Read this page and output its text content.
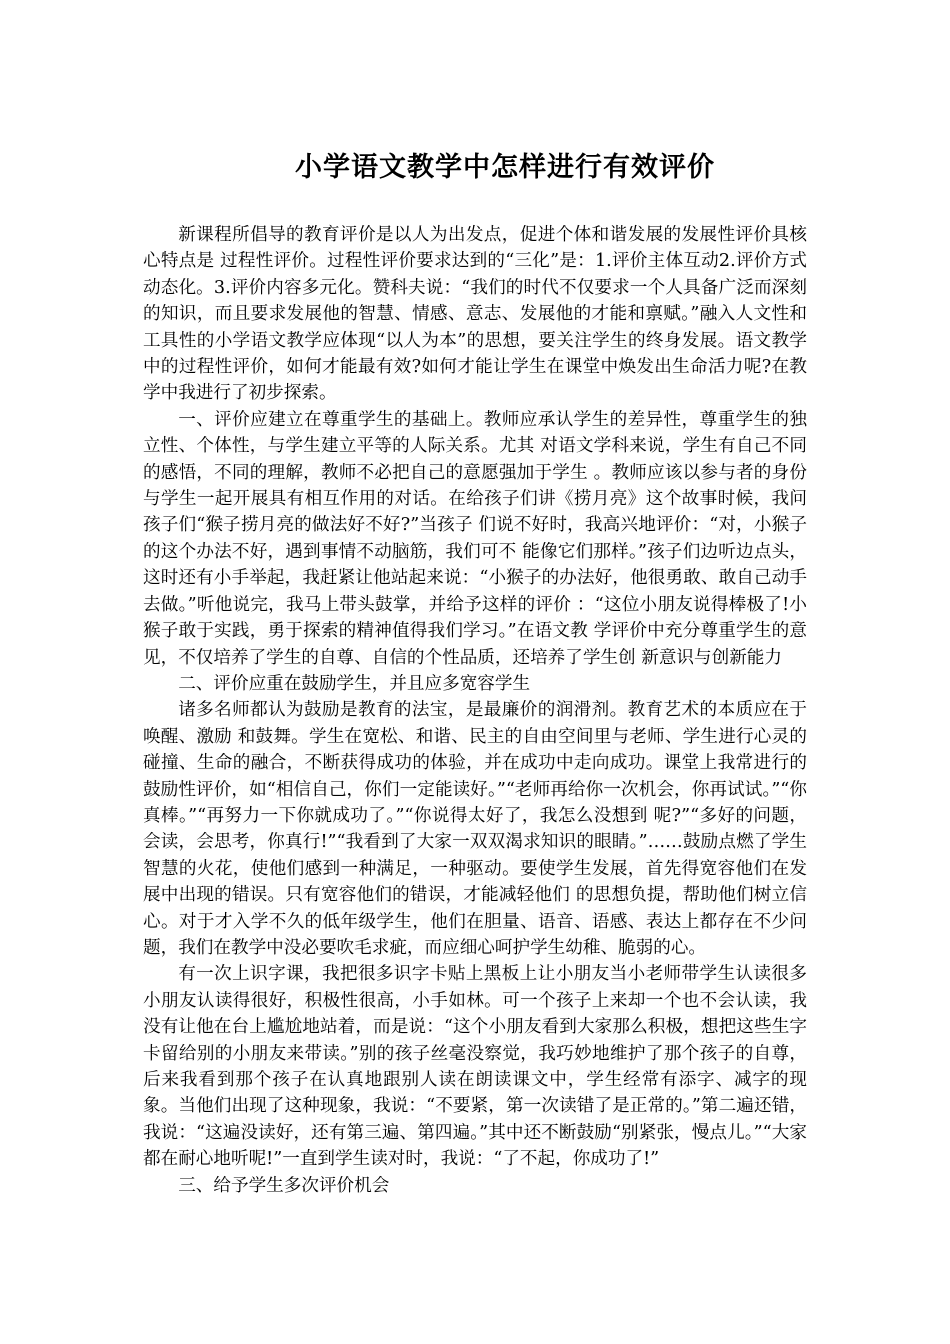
小学语文教学中怎样进行有效评价

新课程所倡导的教育评价是以人为出发点，促进个体和谐发展的发展性评价具核心特点是 过程性评价。过程性评价要求达到的“三化”是：1.评价主体互动2.评价方式动态化。3.评价内容多元化。赞科夫说：“我们的时代不仅要求一个人具备广泛而深刻的知识，而且要求发展他的智慧、情感、意志、发展他的才能和禀赋。”融入人文性和工具性的小学语文教学应体现“以人为本”的思想，要关注学生的终身发展。语文教学中的过程性评价，如何才能最有效?如何才能让学生在课堂中焕发出生命活力呢?在教学中我进行了初步探索。

一、评价应建立在尊重学生的基础上。教师应承认学生的差异性，尊重学生的独立性、个体性，与学生建立平等的人际关系。尤其 对语文学科来说，学生有自己不同的感悟，不同的理解，教师不必把自己的意愿强加于学生 。教师应该以参与者的身份与学生一起开展具有相互作用的对话。在给孩子们讲《捞月亮》这个故事时候，我问孩子们“猴子捞月亮的做法好不好?”当孩子 们说不好时，我高兴地评价：“对，小猴子的这个办法不好，遇到事情不动脑筋，我们可不 能像它们那样。”孩子们边听边点头，这时还有小手举起，我赶紧让他站起来说：“小猴子的办法好，他很勇敢、敢自己动手去做。”听他说完，我马上带头鼓掌，并给予这样的评价 ：“这位小朋友说得棒极了!小猴子敢于实践，勇于探索的精神值得我们学习。”在语文教 学评价中充分尊重学生的意见，不仅培养了学生的自尊、自信的个性品质，还培养了学生创 新意识与创新能力

二、评价应重在鼓励学生，并且应多宽容学生

诸多名师都认为鼓励是教育的法宝，是最廉价的润滑剂。教育艺术的本质应在于唤醒、激励 和鼓舞。学生在宽松、和谐、民主的自由空间里与老师、学生进行心灵的碰撞、生命的融合，不断获得成功的体验，并在成功中走向成功。课堂上我常进行的鼓励性评价，如“相信自己，你们一定能读好。”“老师再给你一次机会，你再试试。”“你真棒。”“再努力一下你就成功了。”“你说得太好了，我怎么没想到 呢?”“多好的问题，会读，会思考，你真行!”“我看到了大家一双双渴求知识的眼睛。”……鼓励点燃了学生智慧的火花，使他们感到一种满足，一种驱动。要使学生发展，首先得宽容他们在发展中出现的错误。只有宽容他们的错误，才能减轻他们 的思想负提，帮助他们树立信心。对于才入学不久的低年级学生，他们在胆量、语音、语感、表达上都存在不少问题，我们在教学中没必要吹毛求疵，而应细心呵护学生幼稚、脆弱的心。

有一次上识字课，我把很多识字卡贴上黑板上让小朋友当小老师带学生认读很多小朋友认读得很好，积极性很高，小手如林。可一个孩子上来却一个也不会认读，我没有让他在台上尴尬地站着，而是说：“这个小朋友看到大家那么积极，想把这些生字卡留给别的小朋友来带读。”别的孩子丝毫没察觉，我巧妙地维护了那个孩子的自尊，后来我看到那个孩子在认真地跟别人读在朗读课文中，学生经常有添字、减字的现象。当他们出现了这种现象，我说：“不要紧，第一次读错了是正常的。”第二遍还错，我说：“这遍没读好，还有第三遍、第四遍。”其中还不断鼓励“别紧张，慢点儿。”“大家都在耐心地听呢!”一直到学生读对时，我说：“了不起，你成功了!”

三、给予学生多次评价机会
